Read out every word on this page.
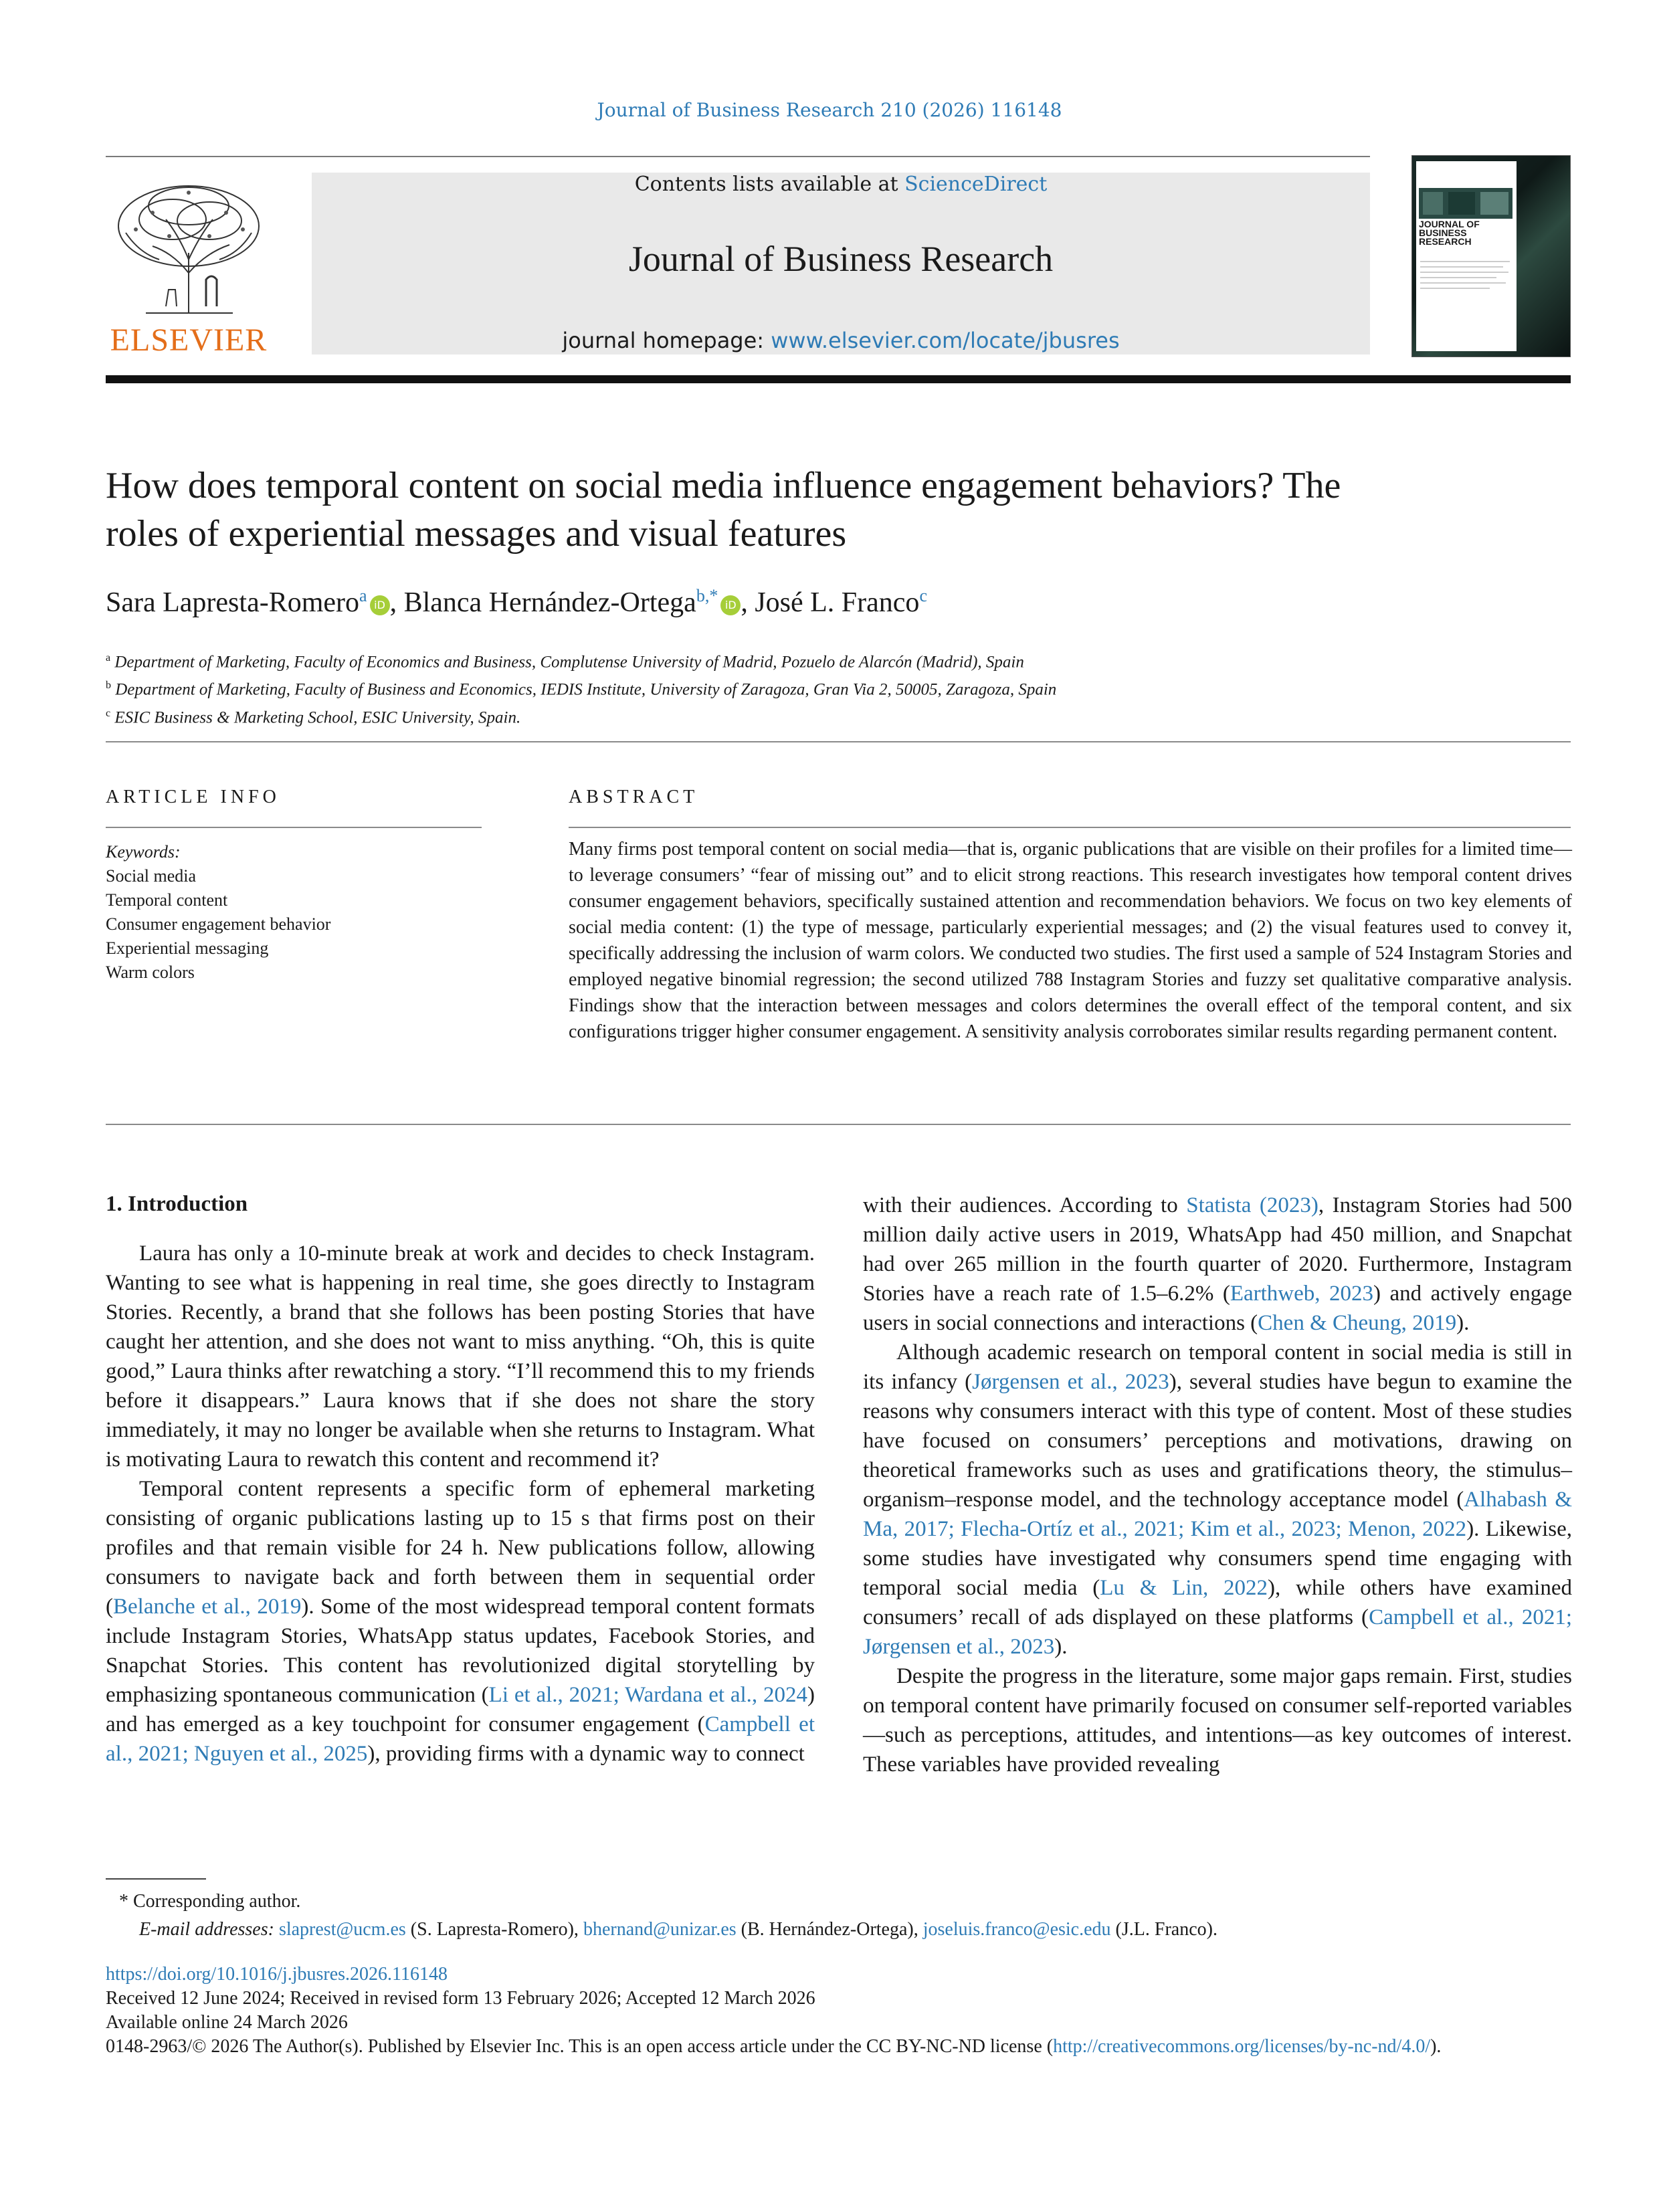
Journal of Business Research 210 (2026) 116148
ELSEVIER
Contents lists available at ScienceDirect
Journal of Business Research
journal homepage: www.elsevier.com/locate/jbusres
JOURNAL OF BUSINESS RESEARCH
How does temporal content on social media influence engagement behaviors? The roles of experiential messages and visual features
Sara Lapresta-Romero$^a$ iD , Blanca Hernández-Ortega$^{b,*}$ iD , José L. Franco$^c$
$^a$ Department of Marketing, Faculty of Economics and Business, Complutense University of Madrid, Pozuelo de Alarcón (Madrid), Spain
$^b$ Department of Marketing, Faculty of Business and Economics, IEDIS Institute, University of Zaragoza, Gran Via 2, 50005, Zaragoza, Spain
$^c$ ESIC Business & Marketing School, ESIC University, Spain.
ARTICLE INFO
Keywords:
Social media
Temporal content
Consumer engagement behavior
Experiential messaging
Warm colors
ABSTRACT
Many firms post temporal content on social media—that is, organic publications that are visible on their profiles for a limited time—to leverage consumers’ “fear of missing out” and to elicit strong reactions. This research investigates how temporal content drives consumer engagement behaviors, specifically sustained attention and recommendation behaviors. We focus on two key elements of social media content: (1) the type of message, particularly experiential messages; and (2) the visual features used to convey it, specifically addressing the inclusion of warm colors. We conducted two studies. The first used a sample of 524 Instagram Stories and employed negative binomial regression; the second utilized 788 Instagram Stories and fuzzy set qualitative comparative analysis. Findings show that the interaction between messages and colors determines the overall effect of the temporal content, and six configurations trigger higher consumer engagement. A sensitivity analysis corroborates similar results regarding permanent content.
1. Introduction

Laura has only a 10-minute break at work and decides to check Instagram. Wanting to see what is happening in real time, she goes directly to Instagram Stories. Recently, a brand that she follows has been posting Stories that have caught her attention, and she does not want to miss anything. “Oh, this is quite good,” Laura thinks after rewatching a story. “I’ll recommend this to my friends before it disappears.” Laura knows that if she does not share the story immediately, it may no longer be available when she returns to Instagram. What is motivating Laura to rewatch this content and recommend it?

Temporal content represents a specific form of ephemeral marketing consisting of organic publications lasting up to 15 s that firms post on their profiles and that remain visible for 24 h. New publications follow, allowing consumers to navigate back and forth between them in sequential order (Belanche et al., 2019). Some of the most widespread temporal content formats include Instagram Stories, WhatsApp status updates, Facebook Stories, and Snapchat Stories. This content has revolutionized digital storytelling by emphasizing spontaneous communication (Li et al., 2021; Wardana et al., 2024) and has emerged as a key touchpoint for consumer engagement (Campbell et al., 2021; Nguyen et al., 2025), providing firms with a dynamic way to connect

with their audiences. According to Statista (2023), Instagram Stories had 500 million daily active users in 2019, WhatsApp had 450 million, and Snapchat had over 265 million in the fourth quarter of 2020. Furthermore, Instagram Stories have a reach rate of 1.5–6.2% (Earthweb, 2023) and actively engage users in social connections and interactions (Chen & Cheung, 2019).

Although academic research on temporal content in social media is still in its infancy (Jørgensen et al., 2023), several studies have begun to examine the reasons why consumers interact with this type of content. Most of these studies have focused on consumers’ perceptions and motivations, drawing on theoretical frameworks such as uses and gratifications theory, the stimulus–organism–response model, and the technology acceptance model (Alhabash & Ma, 2017; Flecha-Ortíz et al., 2021; Kim et al., 2023; Menon, 2022). Likewise, some studies have investigated why consumers spend time engaging with temporal social media (Lu & Lin, 2022), while others have examined consumers’ recall of ads displayed on these platforms (Campbell et al., 2021; Jørgensen et al., 2023).

Despite the progress in the literature, some major gaps remain. First, studies on temporal content have primarily focused on consumer self-reported variables—such as perceptions, attitudes, and intentions—as key outcomes of interest. These variables have provided revealing

* Corresponding author.
E-mail addresses: slaprest@ucm.es (S. Lapresta-Romero), bhernand@unizar.es (B. Hernández-Ortega), joseluis.franco@esic.edu (J.L. Franco).
https://doi.org/10.1016/j.jbusres.2026.116148
Received 12 June 2024; Received in revised form 13 February 2026; Accepted 12 March 2026
Available online 24 March 2026
0148-2963/© 2026 The Author(s). Published by Elsevier Inc. This is an open access article under the CC BY-NC-ND license (http://creativecommons.org/licenses/by-nc-nd/4.0/).
